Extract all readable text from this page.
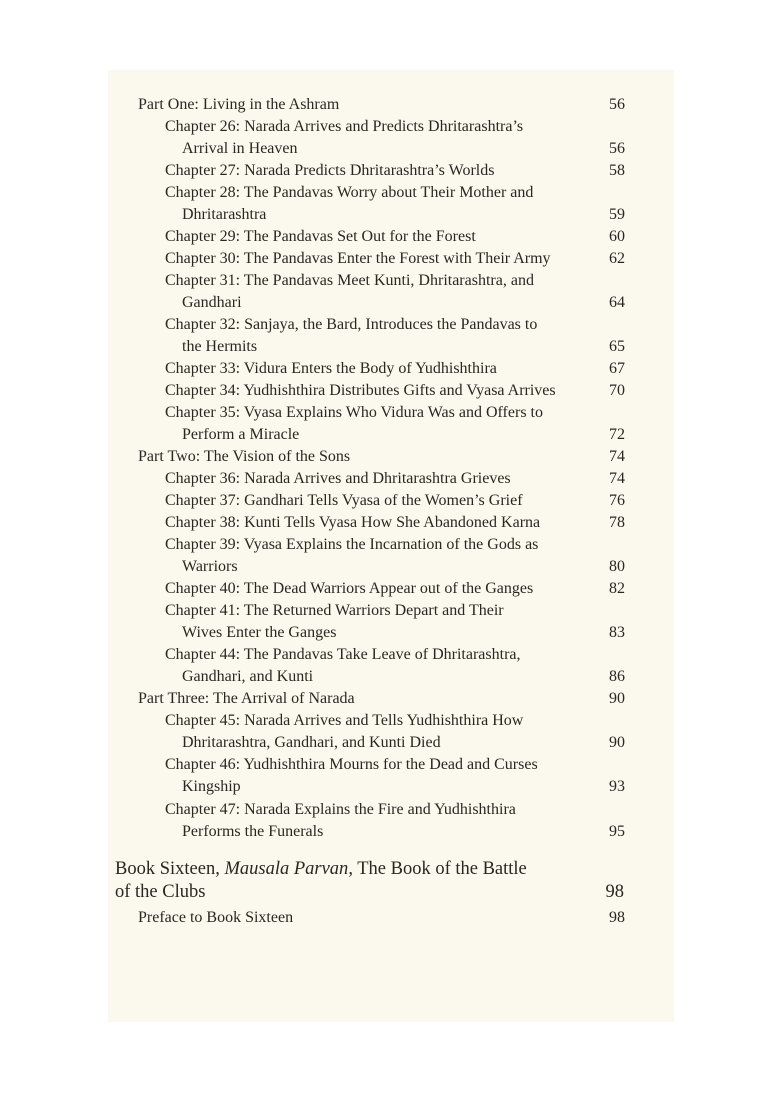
Part One: Living in the Ashram	56
Chapter 26: Narada Arrives and Predicts Dhritarashtra’s
Arrival in Heaven	56
Chapter 27: Narada Predicts Dhritarashtra’s Worlds	58
Chapter 28: The Pandavas Worry about Their Mother and
Dhritarashtra	59
Chapter 29: The Pandavas Set Out for the Forest	60
Chapter 30: The Pandavas Enter the Forest with Their Army	62
Chapter 31: The Pandavas Meet Kunti, Dhritarashtra, and
Gandhari	64
Chapter 32: Sanjaya, the Bard, Introduces the Pandavas to
the Hermits	65
Chapter 33: Vidura Enters the Body of Yudhishthira	67
Chapter 34: Yudhishthira Distributes Gifts and Vyasa Arrives	70
Chapter 35: Vyasa Explains Who Vidura Was and Offers to
Perform a Miracle	72
Part Two: The Vision of the Sons	74
Chapter 36: Narada Arrives and Dhritarashtra Grieves	74
Chapter 37: Gandhari Tells Vyasa of the Women’s Grief	76
Chapter 38: Kunti Tells Vyasa How She Abandoned Karna	78
Chapter 39: Vyasa Explains the Incarnation of the Gods as
Warriors	80
Chapter 40: The Dead Warriors Appear out of the Ganges	82
Chapter 41: The Returned Warriors Depart and Their
Wives Enter the Ganges	83
Chapter 44: The Pandavas Take Leave of Dhritarashtra,
Gandhari, and Kunti	86
Part Three: The Arrival of Narada	90
Chapter 45: Narada Arrives and Tells Yudhishthira How
Dhritarashtra, Gandhari, and Kunti Died	90
Chapter 46: Yudhishthira Mourns for the Dead and Curses
Kingship	93
Chapter 47: Narada Explains the Fire and Yudhishthira
Performs the Funerals	95
Book Sixteen, Mausala Parvan, The Book of the Battle
of the Clubs	98
Preface to Book Sixteen	98
